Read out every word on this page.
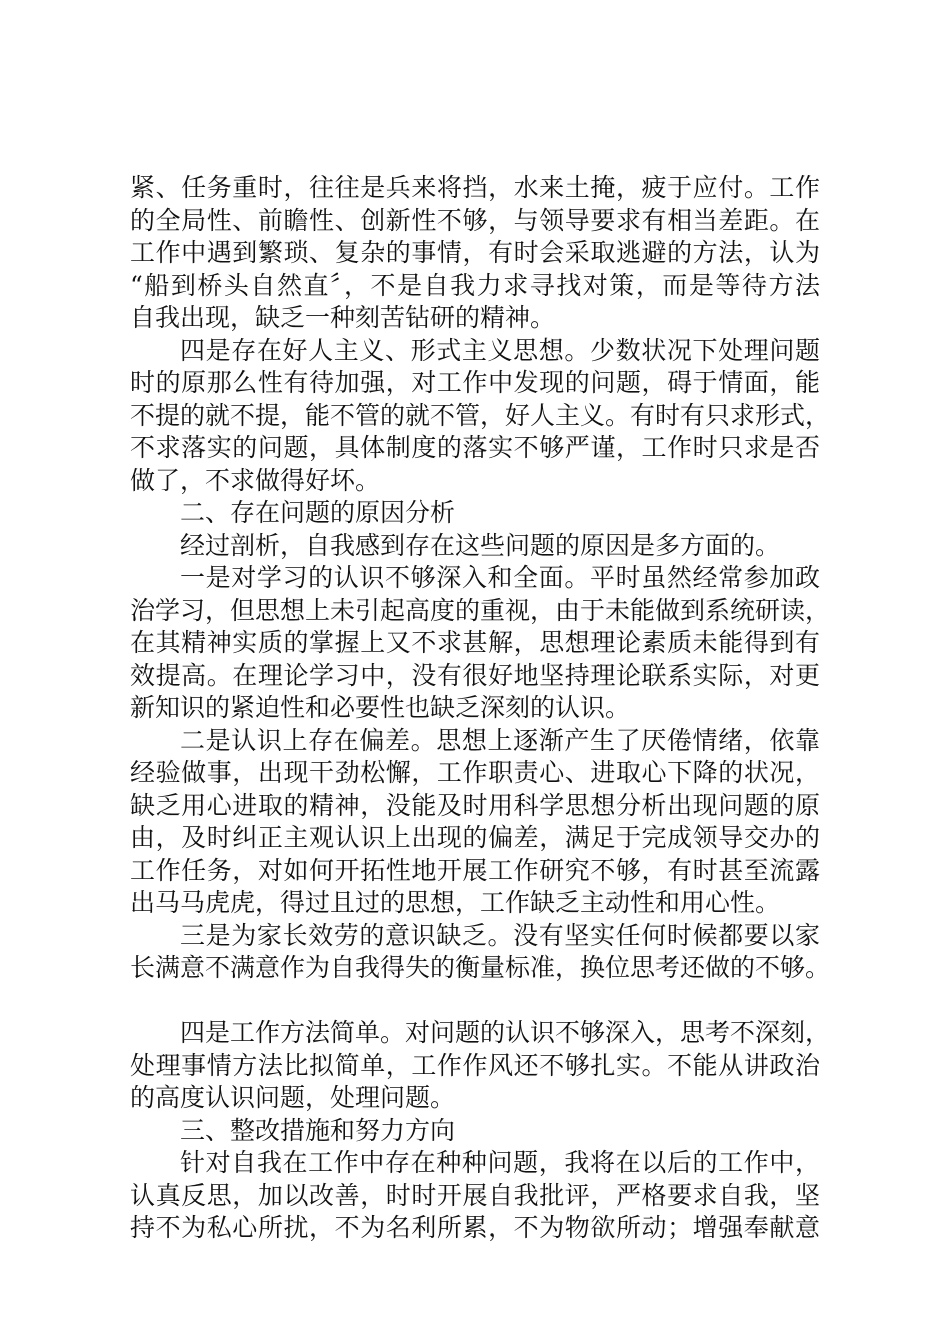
紧、任务重时，往往是兵来将挡，水来土掩，疲于应付。工作
的全局性、前瞻性、创新性不够，与领导要求有相当差距。在
工作中遇到繁琐、复杂的事情，有时会采取逃避的方法，认为
“船到桥头自然直〞，不是自我力求寻找对策，而是等待方法
自我出现，缺乏一种刻苦钻研的精神。
四是存在好人主义、形式主义思想。少数状况下处理问题
时的原那么性有待加强，对工作中发现的问题，碍于情面，能
不提的就不提，能不管的就不管，好人主义。有时有只求形式，
不求落实的问题，具体制度的落实不够严谨，工作时只求是否
做了，不求做得好坏。
二、存在问题的原因分析
经过剖析，自我感到存在这些问题的原因是多方面的。
一是对学习的认识不够深入和全面。平时虽然经常参加政
治学习，但思想上未引起高度的重视，由于未能做到系统研读，
在其精神实质的掌握上又不求甚解，思想理论素质未能得到有
效提高。在理论学习中，没有很好地坚持理论联系实际，对更
新知识的紧迫性和必要性也缺乏深刻的认识。
二是认识上存在偏差。思想上逐渐产生了厌倦情绪，依靠
经验做事，出现干劲松懈，工作职责心、进取心下降的状况，
缺乏用心进取的精神，没能及时用科学思想分析出现问题的原
由，及时纠正主观认识上出现的偏差，满足于完成领导交办的
工作任务，对如何开拓性地开展工作研究不够，有时甚至流露
出马马虎虎，得过且过的思想，工作缺乏主动性和用心性。
三是为家长效劳的意识缺乏。没有坚实任何时候都要以家
长满意不满意作为自我得失的衡量标准，换位思考还做的不够。
四是工作方法简单。对问题的认识不够深入，思考不深刻，
处理事情方法比拟简单，工作作风还不够扎实。不能从讲政治
的高度认识问题，处理问题。
三、整改措施和努力方向
针对自我在工作中存在种种问题，我将在以后的工作中，
认真反思，加以改善，时时开展自我批评，严格要求自我，坚
持不为私心所扰，不为名利所累，不为物欲所动；增强奉献意
